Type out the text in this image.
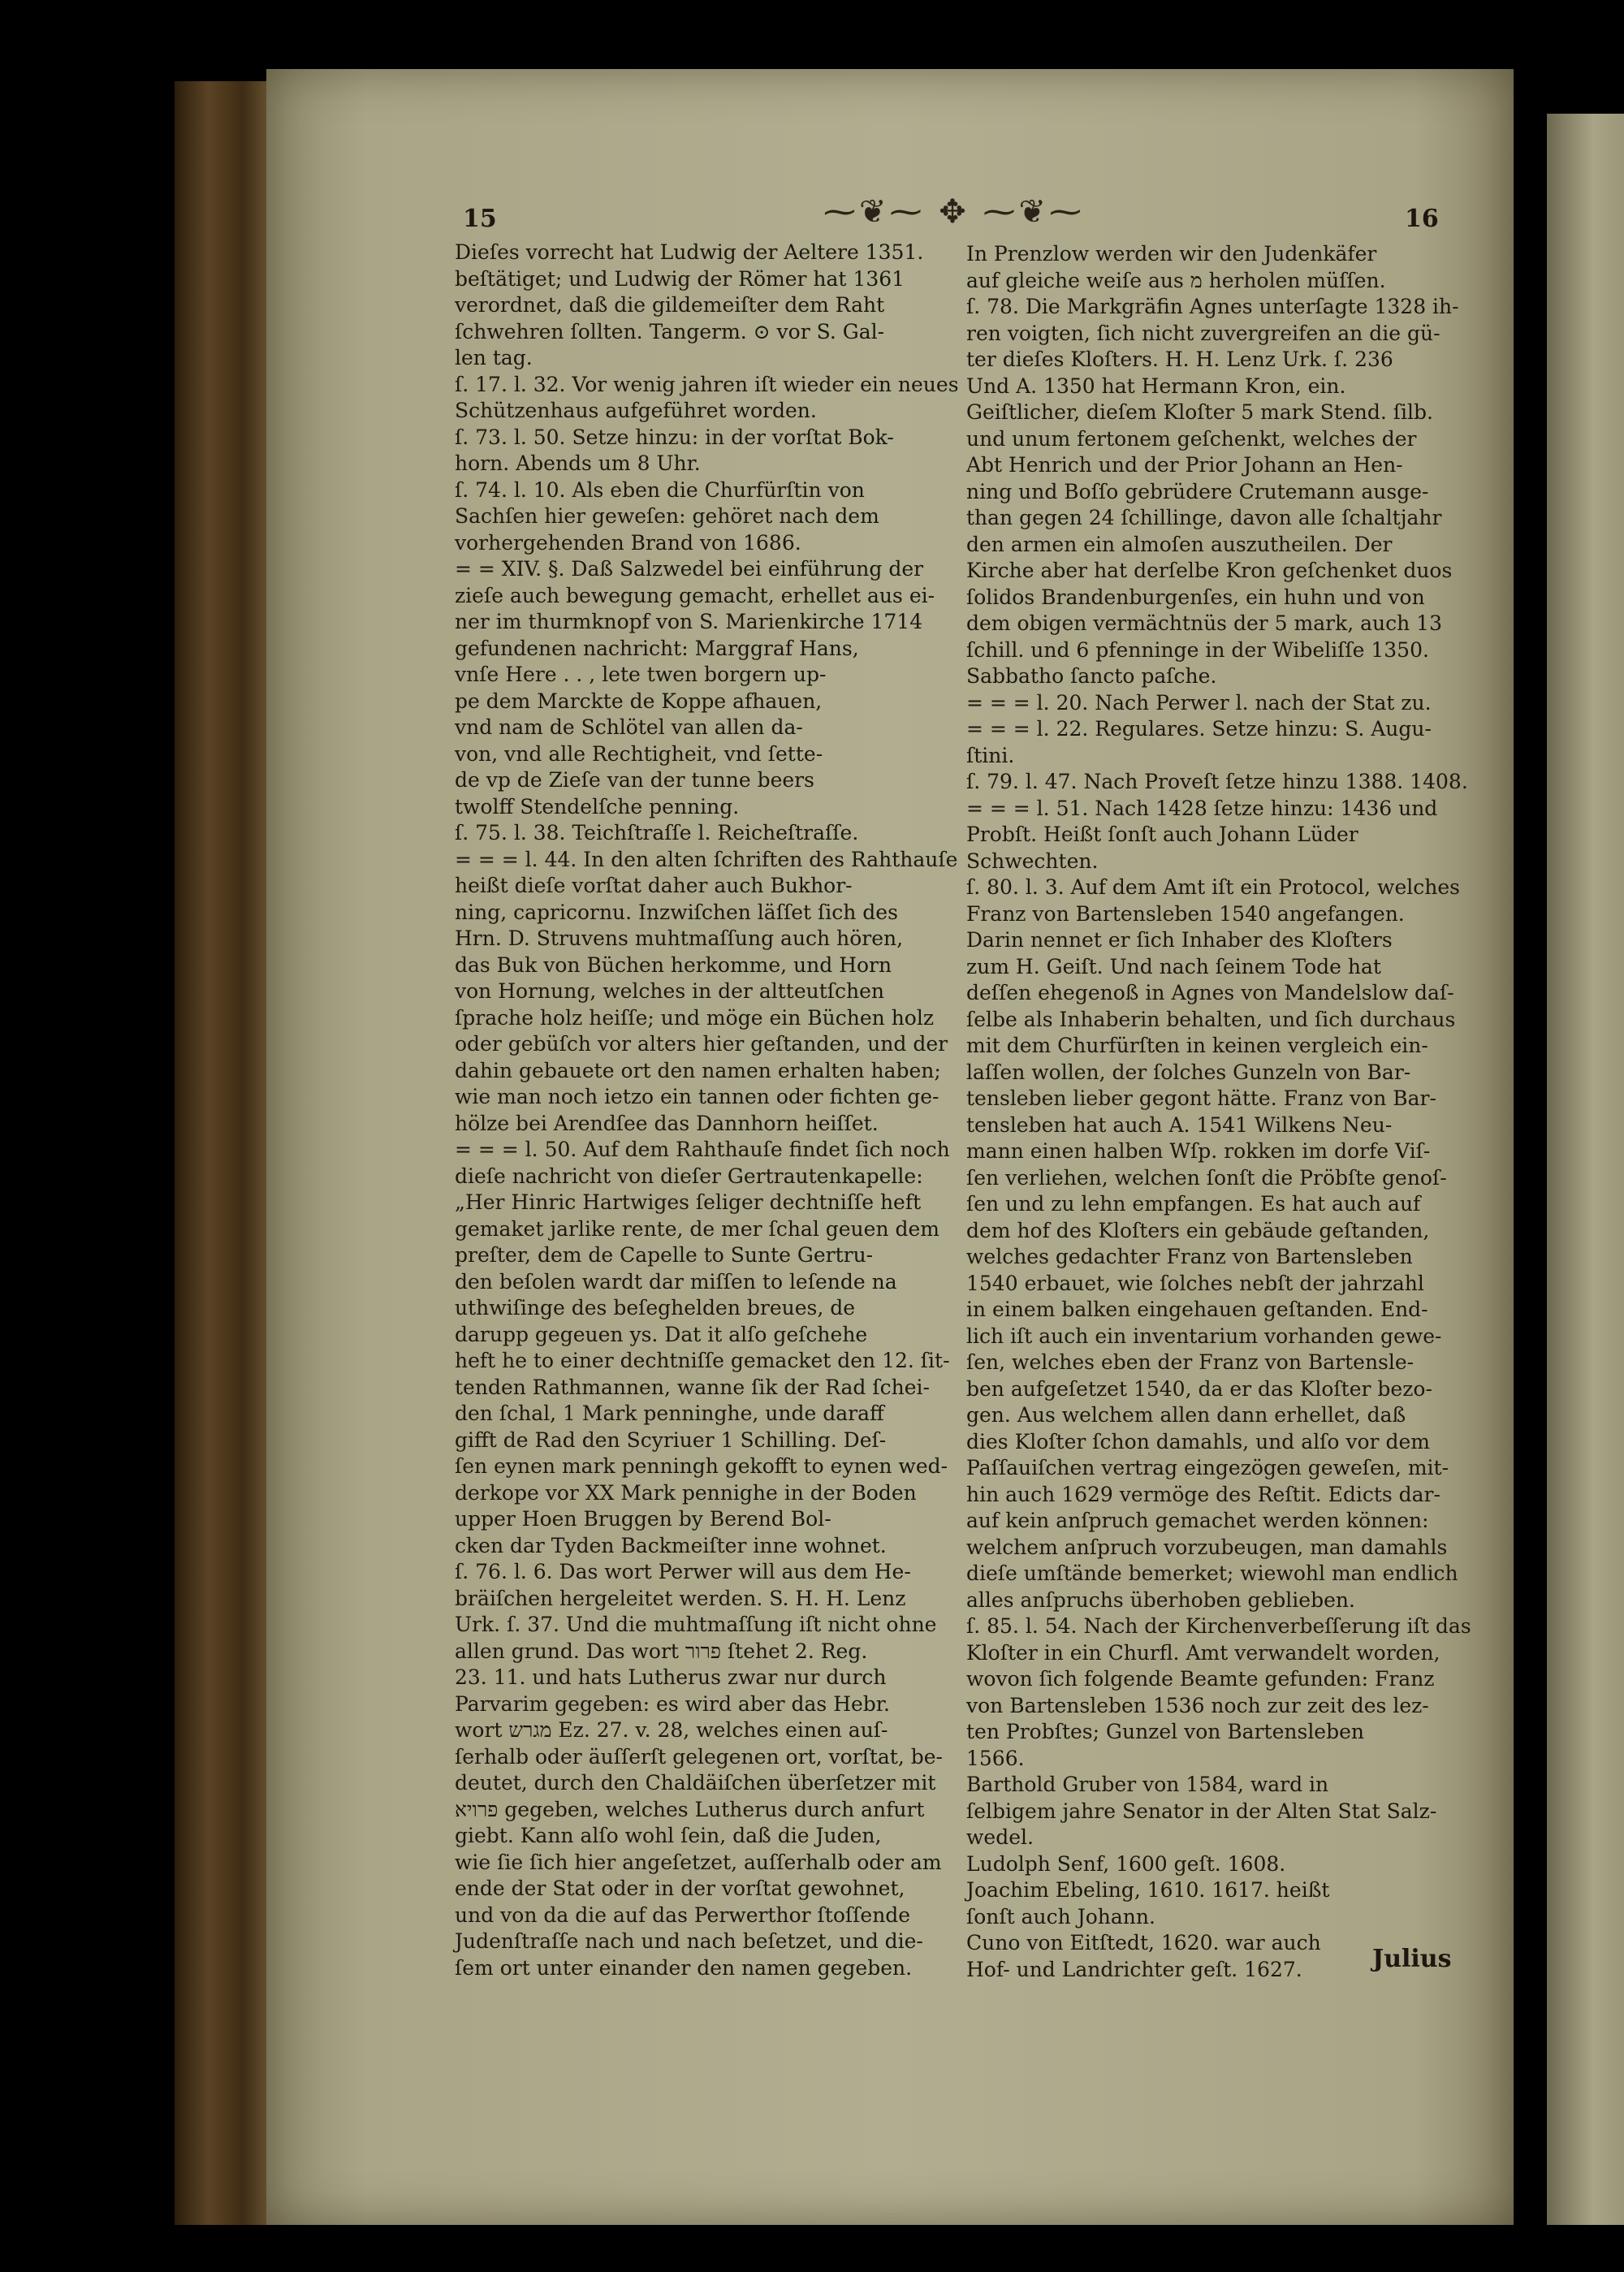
15	⁓❦⁓ ✥ ⁓❦⁓	16
Dieſes vorrecht hat Ludwig der Aeltere 1351.
beſtätiget; und Ludwig der Römer hat 1361
verordnet, daß die gildemeiſter dem Raht
ſchwehren ſollten. Tangerm. ⊙ vor S. Gal-
len tag.
ſ. 17. l. 32. Vor wenig jahren iſt wieder ein neues
Schützenhaus aufgeführet worden.
ſ. 73. l. 50. Setze hinzu: in der vorſtat Bok-
horn. Abends um 8 Uhr.
ſ. 74. l. 10. Als eben die Churfürſtin von
Sachſen hier geweſen: gehöret nach dem
vorhergehenden Brand von 1686.
= = XIV. §. Daß Salzwedel bei einführung der
zieſe auch bewegung gemacht, erhellet aus ei-
ner im thurmknopf von S. Marienkirche 1714
gefundenen nachricht: Marggraf Hans,
vnſe Here . . , lete twen borgern up-
pe dem Marckte de Koppe afhauen,
vnd nam de Schlötel van allen da-
von, vnd alle Rechtigheit, vnd ſette-
de vp de Zieſe van der tunne beers
twolff Stendelſche penning.
ſ. 75. l. 38. Teichſtraſſe l. Reicheſtraſſe.
= = = l. 44. In den alten ſchriften des Rahthauſe
heißt dieſe vorſtat daher auch Bukhor-
ning, capricornu. Inzwiſchen läſſet ſich des
Hrn. D. Struvens muhtmaſſung auch hören,
das Buk von Büchen herkomme, und Horn
von Hornung, welches in der altteutſchen
ſprache holz heiſſe; und möge ein Büchen holz
oder gebüſch vor alters hier geſtanden, und der
dahin gebauete ort den namen erhalten haben;
wie man noch ietzo ein tannen oder fichten ge-
hölze bei Arendſee das Dannhorn heiſſet.
= = = l. 50. Auf dem Rahthauſe findet ſich noch
dieſe nachricht von dieſer Gertrautenkapelle:
„Her Hinric Hartwiges ſeliger dechtniſſe heft
gemaket jarlike rente, de mer ſchal geuen dem
preſter, dem de Capelle to Sunte Gertru-
den beſolen wardt dar miſſen to leſende na
uthwiſinge des beſeghelden breues, de
darupp gegeuen ys. Dat it alſo geſchehe
heft he to einer dechtniſſe gemacket den 12. ſit-
tenden Rathmannen, wanne ſik der Rad ſchei-
den ſchal, 1 Mark penninghe, unde daraff
gifft de Rad den Scyriuer 1 Schilling. Deſ-
ſen eynen mark penningh gekofft to eynen wed-
derkope vor XX Mark pennighe in der Boden
upper Hoen Bruggen by Berend Bol-
cken dar Tyden Backmeiſter inne wohnet.
ſ. 76. l. 6. Das wort Perwer will aus dem He-
bräiſchen hergeleitet werden. S. H. H. Lenz
Urk. ſ. 37. Und die muhtmaſſung iſt nicht ohne
allen grund. Das wort פרור ſtehet 2. Reg.
23. 11. und hats Lutherus zwar nur durch
Parvarim gegeben: es wird aber das Hebr.
wort מגרש Ez. 27. v. 28, welches einen auſ-
ſerhalb oder äuſſerſt gelegenen ort, vorſtat, be-
deutet, durch den Chaldäiſchen überſetzer mit
פרויא gegeben, welches Lutherus durch anfurt
giebt. Kann alſo wohl ſein, daß die Juden,
wie ſie ſich hier angeſetzet, auſſerhalb oder am
ende der Stat oder in der vorſtat gewohnet,
und von da die auf das Perwerthor ſtoſſende
Judenſtraſſe nach und nach beſetzet, und die-
ſem ort unter einander den namen gegeben.
In Prenzlow werden wir den Judenkäfer
auf gleiche weiſe aus מ herholen müſſen.
ſ. 78. Die Markgräfin Agnes unterſagte 1328 ih-
ren voigten, ſich nicht zuvergreifen an die gü-
ter dieſes Kloſters. H. H. Lenz Urk. ſ. 236
Und A. 1350 hat Hermann Kron, ein.
Geiſtlicher, dieſem Kloſter 5 mark Stend. ſilb.
und unum fertonem geſchenkt, welches der
Abt Henrich und der Prior Johann an Hen-
ning und Boſſo gebrüdere Crutemann ausge-
than gegen 24 ſchillinge, davon alle ſchaltjahr
den armen ein almoſen auszutheilen. Der
Kirche aber hat derſelbe Kron geſchenket duos
ſolidos Brandenburgenſes, ein huhn und von
dem obigen vermächtnüs der 5 mark, auch 13
ſchill. und 6 pfenninge in der Wibeliſſe 1350.
Sabbatho ſancto paſche.
= = = l. 20. Nach Perwer l. nach der Stat zu.
= = = l. 22. Regulares. Setze hinzu: S. Augu-
ſtini.
ſ. 79. l. 47. Nach Proveſt ſetze hinzu 1388. 1408.
= = = l. 51. Nach 1428 ſetze hinzu: 1436 und
Probſt. Heißt ſonſt auch Johann Lüder
Schwechten.
ſ. 80. l. 3. Auf dem Amt iſt ein Protocol, welches
Franz von Bartensleben 1540 angefangen.
Darin nennet er ſich Inhaber des Kloſters
zum H. Geiſt. Und nach ſeinem Tode hat
deſſen ehegenoß in Agnes von Mandelslow daſ-
ſelbe als Inhaberin behalten, und ſich durchaus
mit dem Churfürſten in keinen vergleich ein-
laſſen wollen, der ſolches Gunzeln von Bar-
tensleben lieber gegont hätte. Franz von Bar-
tensleben hat auch A. 1541 Wilkens Neu-
mann einen halben Wſp. rokken im dorfe Viſ-
ſen verliehen, welchen ſonſt die Pröbſte genoſ-
ſen und zu lehn empfangen. Es hat auch auf
dem hof des Kloſters ein gebäude geſtanden,
welches gedachter Franz von Bartensleben
1540 erbauet, wie ſolches nebſt der jahrzahl
in einem balken eingehauen geſtanden. End-
lich iſt auch ein inventarium vorhanden gewe-
ſen, welches eben der Franz von Bartensle-
ben aufgeſetzet 1540, da er das Kloſter bezo-
gen. Aus welchem allen dann erhellet, daß
dies Kloſter ſchon damahls, und alſo vor dem
Paſſauiſchen vertrag eingezögen geweſen, mit-
hin auch 1629 vermöge des Reſtit. Edicts dar-
auf kein anſpruch gemachet werden können:
welchem anſpruch vorzubeugen, man damahls
dieſe umſtände bemerket; wiewohl man endlich
alles anſpruchs überhoben geblieben.
ſ. 85. l. 54. Nach der Kirchenverbeſſerung iſt das
Kloſter in ein Churfl. Amt verwandelt worden,
wovon ſich folgende Beamte gefunden: Franz
von Bartensleben 1536 noch zur zeit des lez-
ten Probſtes; Gunzel von Bartensleben
1566.
Barthold Gruber von 1584, ward in
ſelbigem jahre Senator in der Alten Stat Salz-
wedel.
Ludolph Senf, 1600 geſt. 1608.
Joachim Ebeling, 1610. 1617. heißt
ſonſt auch Johann.
Cuno von Eitſtedt, 1620. war auch
Hof- und Landrichter geſt. 1627.	Julius
